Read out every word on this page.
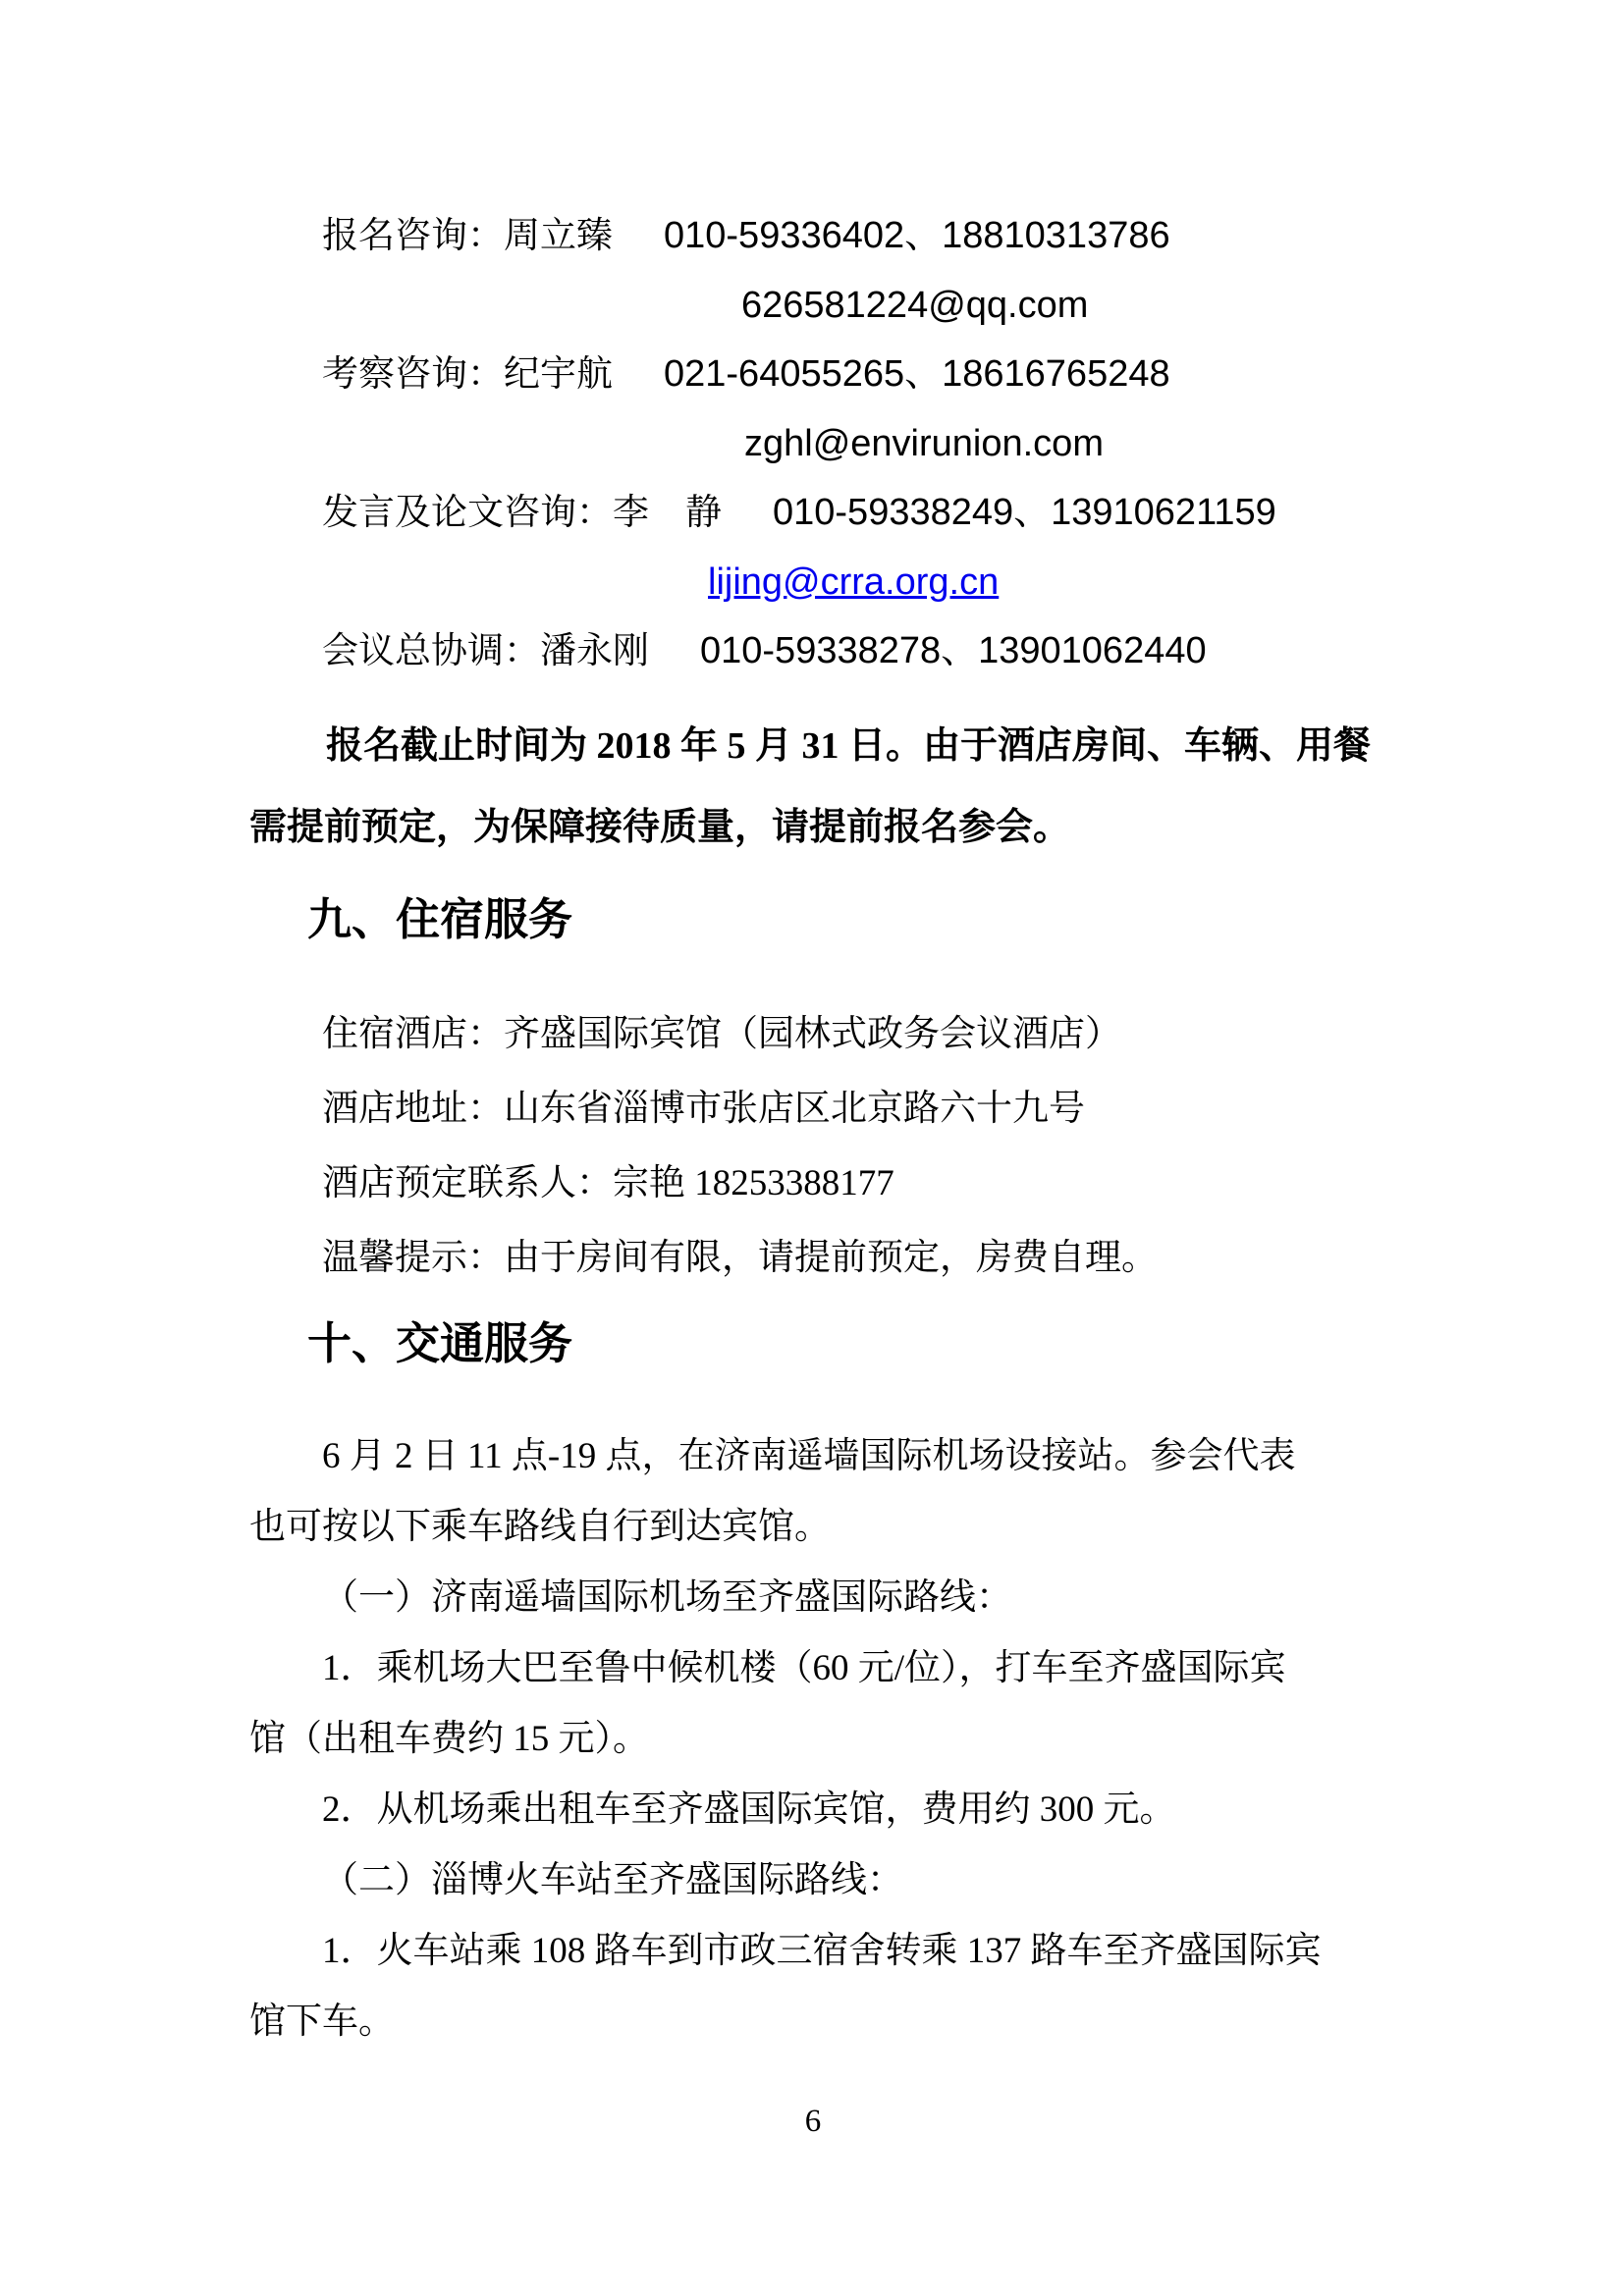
报名咨询：周立臻 010-59336402、18810313786
626581224@qq.com
考察咨询：纪宇航 021-64055265、18616765248
zghl@envirunion.com
发言及论文咨询：李　静 010-59338249、13910621159
lijing@crra.org.cn
会议总协调：潘永刚 010-59338278、13901062440
报名截止时间为 2018 年 5 月 31 日。由于酒店房间、车辆、用餐
需提前预定，为保障接待质量，请提前报名参会。
九、住宿服务
住宿酒店：齐盛国际宾馆（园林式政务会议酒店）
酒店地址：山东省淄博市张店区北京路六十九号
酒店预定联系人：宗艳 18253388177
温馨提示：由于房间有限，请提前预定，房费自理。
十、交通服务
6 月 2 日 11 点-19 点，在济南遥墙国际机场设接站。参会代表
也可按以下乘车路线自行到达宾馆。
（一）济南遥墙国际机场至齐盛国际路线：
1．乘机场大巴至鲁中候机楼（60 元/位），打车至齐盛国际宾
馆（出租车费约 15 元）。
2．从机场乘出租车至齐盛国际宾馆，费用约 300 元。
（二）淄博火车站至齐盛国际路线：
1．火车站乘 108 路车到市政三宿舍转乘 137 路车至齐盛国际宾
馆下车。
6
